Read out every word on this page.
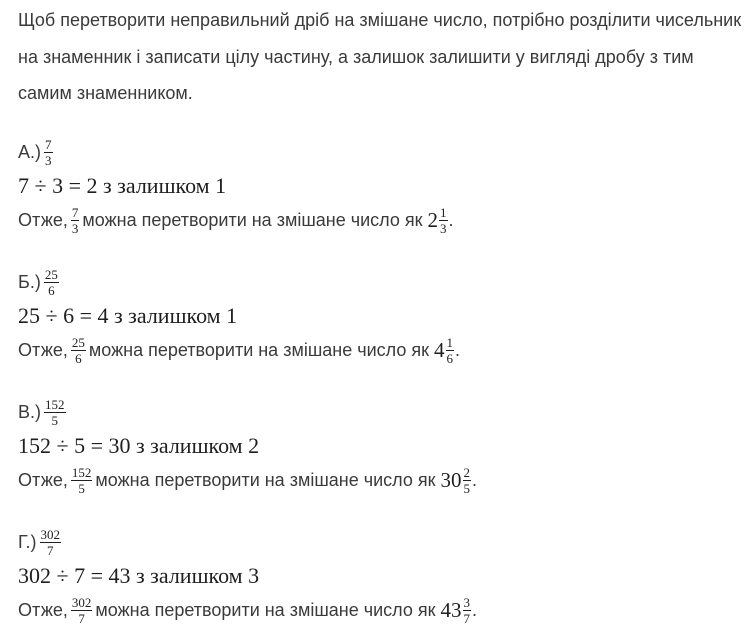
Щоб перетворити неправильний дріб на змішане число, потрібно розділити чисельник на знаменник і записати цілу частину, а залишок залишити у вигляді дробу з тим самим знаменником.
$А.) \frac{7}{3}$
7 ÷ 3 = 2
з залишком
1
Отже, $\frac{7}{3}$ можна перетворити на змішане число як $2 \frac{1}{3}$ .
$Б.) \frac{25}{6}$
25 ÷ 6 = 4
з залишком
1
Отже, $\frac{25}{6}$ можна перетворити на змішане число як $4 \frac{1}{6}$ .
$В.) \frac{152}{5}$
152 ÷ 5 = 30
з залишком
2
Отже, $\frac{152}{5}$ можна перетворити на змішане число як $30 \frac{2}{5}$ .
$Г.) \frac{302}{7}$
302 ÷ 7 = 43
з залишком
3
Отже, $\frac{302}{7}$ можна перетворити на змішане число як $43 \frac{3}{7}$ .
